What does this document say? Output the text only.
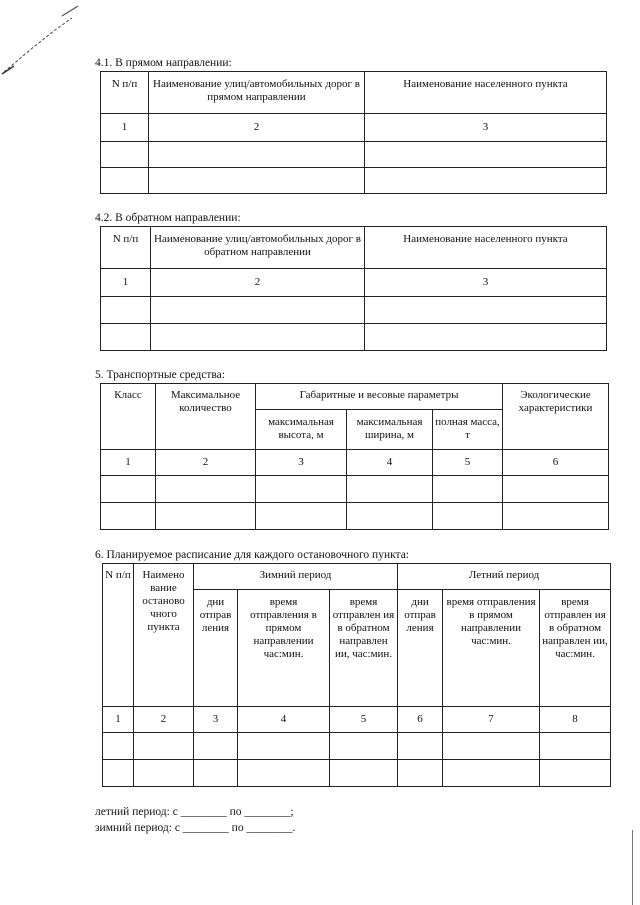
4.1. В прямом направлении:
N п/п	Наименование улиц/автомобильных дорог в прямом направлении	Наименование населенного пункта
1	2	3

4.2. В обратном направлении:
N п/п	Наименование улиц/автомобильных дорог в обратном направлении	Наименование населенного пункта
1	2	3

5. Транспортные средства:
Класс	Максимальное количество	Габаритные и весовые параметры			Экологические характеристики
		максимальная высота, м	максимальная ширина, м	полная масса, т	
1	2	3	4	5	6

6. Планируемое расписание для каждого остановочного пункта:
N п/п	Наимено вание останово чного пункта	Зимний период			Летний период		
		дни отправ ления	время отправления в прямом направлении час:мин.	время отправлен ия в обратном направлен ии, час:мин.	дни отправ ления	время отправления в прямом направлении час:мин.	время отправлен ия в обратном направлен ии, час:мин.
1	2	3	4	5	6	7	8

летний период: с ________ по ________;
зимний период: с ________ по ________.
